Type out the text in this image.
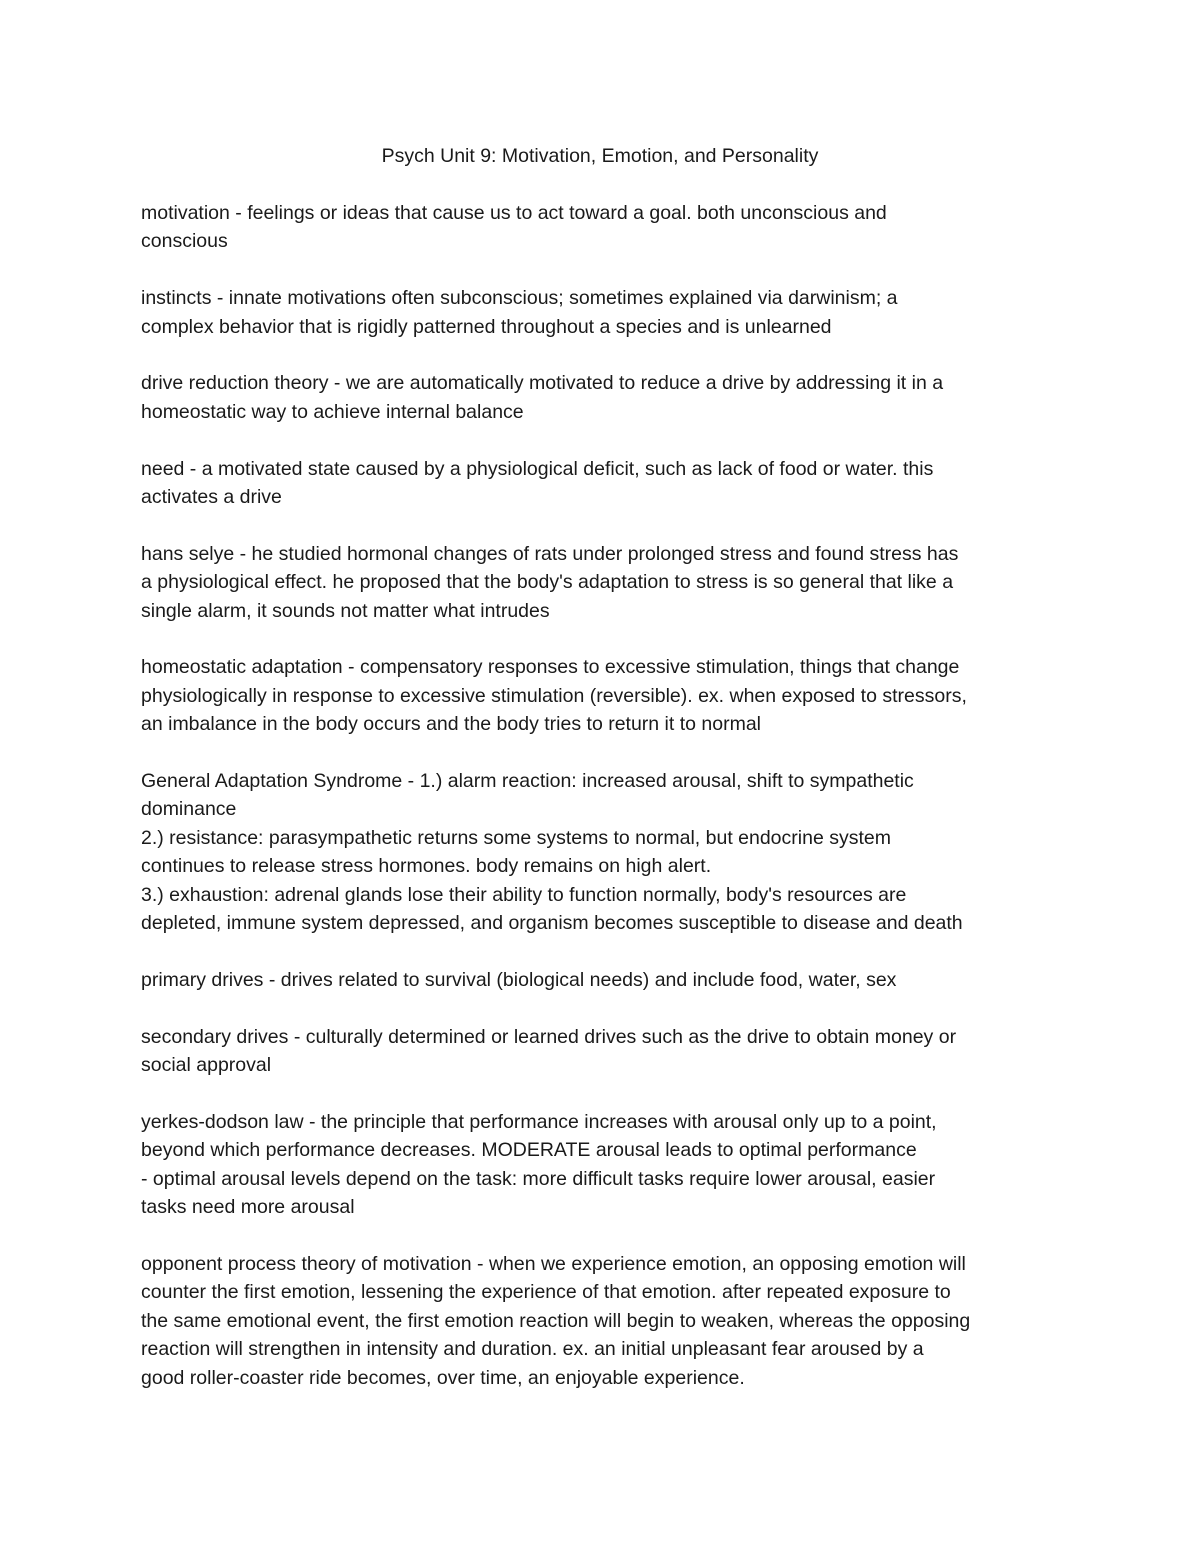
Psych Unit 9: Motivation, Emotion, and Personality

motivation - feelings or ideas that cause us to act toward a goal. both unconscious and
conscious

instincts - innate motivations often subconscious; sometimes explained via darwinism; a
complex behavior that is rigidly patterned throughout a species and is unlearned

drive reduction theory - we are automatically motivated to reduce a drive by addressing it in a
homeostatic way to achieve internal balance

need - a motivated state caused by a physiological deficit, such as lack of food or water. this
activates a drive

hans selye - he studied hormonal changes of rats under prolonged stress and found stress has
a physiological effect. he proposed that the body's adaptation to stress is so general that like a
single alarm, it sounds not matter what intrudes

homeostatic adaptation - compensatory responses to excessive stimulation, things that change
physiologically in response to excessive stimulation (reversible). ex. when exposed to stressors,
an imbalance in the body occurs and the body tries to return it to normal

General Adaptation Syndrome - 1.) alarm reaction: increased arousal, shift to sympathetic
dominance
2.) resistance: parasympathetic returns some systems to normal, but endocrine system
continues to release stress hormones. body remains on high alert.
3.) exhaustion: adrenal glands lose their ability to function normally, body's resources are
depleted, immune system depressed, and organism becomes susceptible to disease and death

primary drives - drives related to survival (biological needs) and include food, water, sex

secondary drives - culturally determined or learned drives such as the drive to obtain money or
social approval

yerkes-dodson law - the principle that performance increases with arousal only up to a point,
beyond which performance decreases. MODERATE arousal leads to optimal performance
- optimal arousal levels depend on the task: more difficult tasks require lower arousal, easier
tasks need more arousal

opponent process theory of motivation - when we experience emotion, an opposing emotion will
counter the first emotion, lessening the experience of that emotion. after repeated exposure to
the same emotional event, the first emotion reaction will begin to weaken, whereas the opposing
reaction will strengthen in intensity and duration. ex. an initial unpleasant fear aroused by a
good roller-coaster ride becomes, over time, an enjoyable experience.
